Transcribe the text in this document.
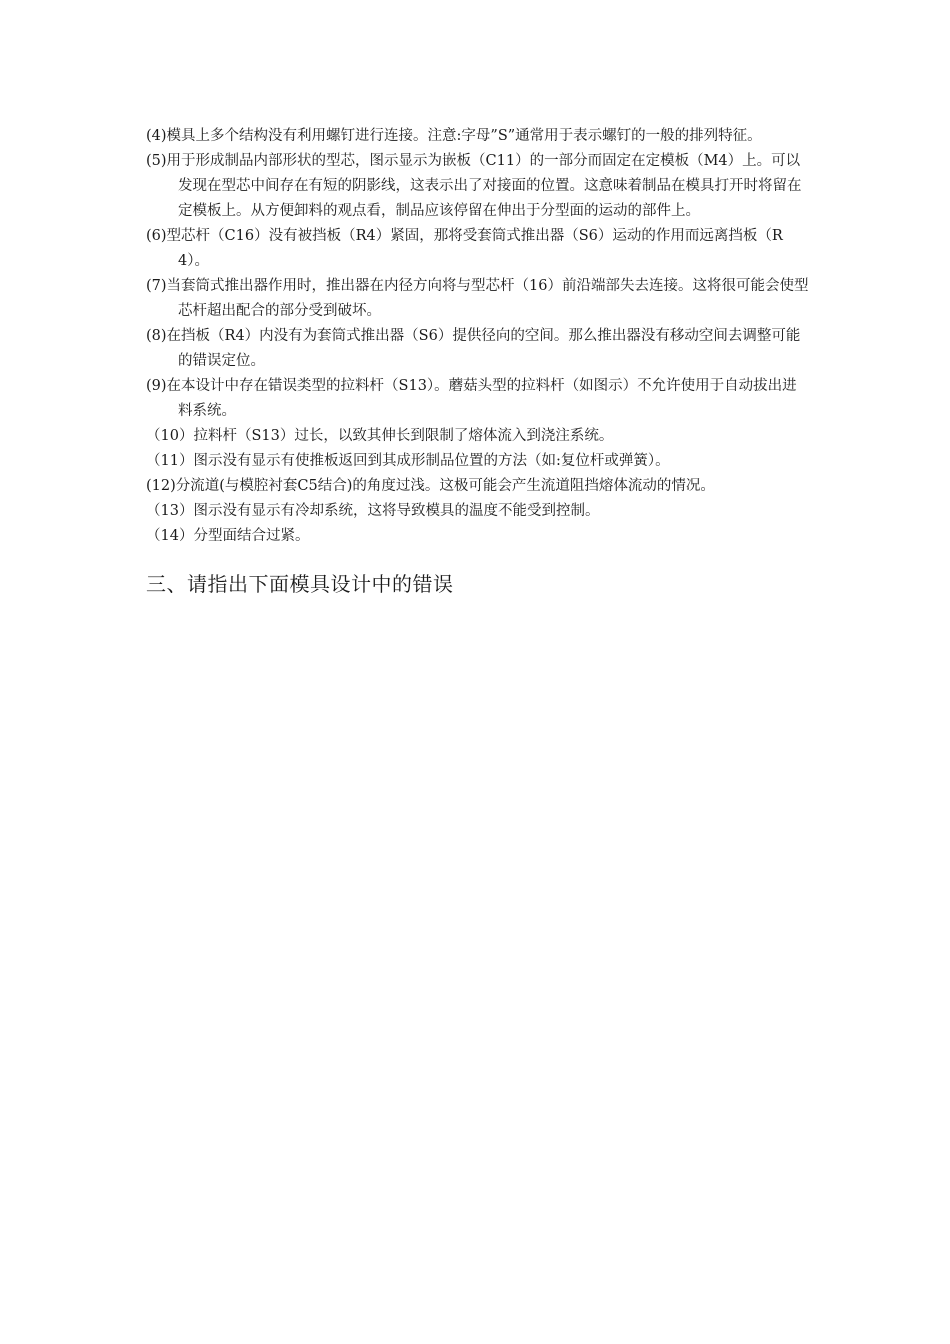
(4)模具上多个结构没有利用螺钉进行连接。注意:字母”S”通常用于表示螺钉的一般的排列特征。

(5)用于形成制品内部形状的型芯，图示显示为嵌板（C11）的一部分而固定在定模板（M4）上。可以发现在型芯中间存在有短的阴影线，这表示出了对接面的位置。这意味着制品在模具打开时将留在定模板上。从方便卸料的观点看，制品应该停留在伸出于分型面的运动的部件上。

(6)型芯杆（C16）没有被挡板（R4）紧固，那将受套筒式推出器（S6）运动的作用而远离挡板（R4）。

(7)当套筒式推出器作用时，推出器在内径方向将与型芯杆（16）前沿端部失去连接。这将很可能会使型芯杆超出配合的部分受到破坏。

(8)在挡板（R4）内没有为套筒式推出器（S6）提供径向的空间。那么推出器没有移动空间去调整可能的错误定位。

(9)在本设计中存在错误类型的拉料杆（S13）。蘑菇头型的拉料杆（如图示）不允许使用于自动拔出进料系统。

（10）拉料杆（S13）过长，以致其伸长到限制了熔体流入到浇注系统。

（11）图示没有显示有使推板返回到其成形制品位置的方法（如:复位杆或弹簧）。

(12)分流道(与模腔衬套C5结合)的角度过浅。这极可能会产生流道阻挡熔体流动的情况。

（13）图示没有显示有冷却系统，这将导致模具的温度不能受到控制。

（14）分型面结合过紧。

三、请指出下面模具设计中的错误
